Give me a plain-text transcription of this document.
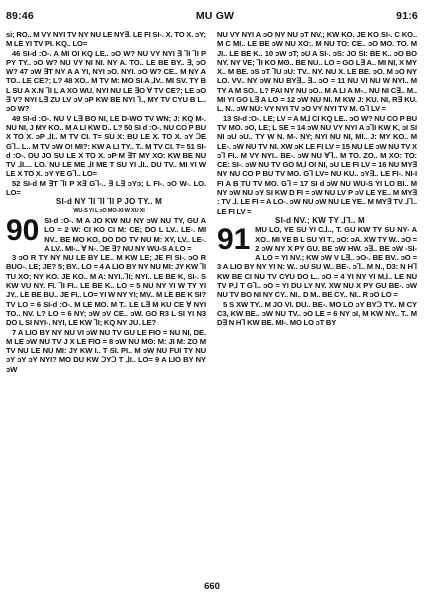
89:46	MU GW	91:6

si; RO.. M VY NYI TV NY NU LE NY∃. LE FI SI-. X. TO X. ↄY; M LE YI TV PI. KQ.. LO=

46 SI-d :O-. A MI OI KQ LE.. ↄO W? NU VY NYI ∃ ⅂I ⅂I P PY TY.. ↄO W? NU VY NI NI. NY A. TO.. LE BE BY.. ∃, ↄO W? 47 ↄW ∃T NY A A YI, NYI ↄO. NYI. ↄO W? CE.. M NY A TO.. LE CE?; L? 48 XO.. M TV M: MO SI A ⅃V.. MI SV. TY B L SU A X.N ⅂I L A XO WU. NYI NU LE ∃O ∀ TV CE?; LE ↄO ∃ V? NYI L∃ ZU LV ↄV ↄP KW BE NYI ⅂., MY TV CYU B L.. ↄO W?

49 SI-d :O-. NU V L∃ BO NI, LE D-WO TV WN; J: KQ M-. NU NI, J MY KO.. M A LI KW D.. L? 50 SI d :O-. NU CO P BU X TO X. ↄP ⅃I.. M TV CI. T= SU X: BU LE X. TO X. ↄY ↃE G⅂.. L.. M TV ↄW O! MI?: KW A LI TY.. T.. M TV CI. T= 51 SI-d :O-. OU JO SU LE X TO X. ↄP M ∃T MY XO: KW BE NU TV ⅃I.... LO. NU LE ME ⅃I ME T SU YI ⅃I.. DU TV.. MI YI W LE X TO X. ↄY YE G⅂.. LO=

52 SI-d M ∃T ⅂I P X∃ G⅂-.. ∃ L∃ ↄYɔ; L FI-. ↄO W-. LO. LO=

SI-d NY ⅂I ⅂I ⅂I P JO TY.. M

WU-S YI L ↄO MO-XI W XU XI

90 SI-d :O-. M A JO KW NU NY ↄW NU TY, GU A LO = 2 W: CI KO CI M: CE; DO L LV.. LE-. MI NV.. BE MO KO, DO DO TV NU M: XY, LV.. LE-. A LV.. MI-.. ∀ N-. ↃE ∃? NU NY WU-S A LO =

3 ↄO R TY NY NU LE BY LE.. M KW LE; JE FI SI-. ↄO R BUO-. LE; JE? 5; BY.. LO = 4 A LIO BY NY NU MI: JY KW ⅂I TU XO; NY KO. JE KO.. M A: NYI..⅂I; NYI.. LE BE K, SI-. S KW VU NY. FI. ⅂I FI.. LE BE K.. LO = 5 NU NY YI W TY YI JY.. LE BE BU.. JE FI.. LO= YI W NY YI; MV.. M LE BE K SI? TV LO = 6 SI-d :O-. M LE MO. M T.. LE L∃ M KU CE ∀ NYI TO.. NV. L? LO = 6 NY; ↄW ↄV CE.. ↄW. GO R3 L SI YI N3 DO L SI NYI-. NYI, LE KW ⅂I; KQ NY JU. LE?

7 A LIO BY NY NU VI ↄW NU TV GU LE FIO = NU NI, DE. M LE ↄW NU TV J X LE FIO = 8 ↄW NU Mʘ: M: JI M: ZO M TV NU LE NU MI: JY KW I.. T SI. PI.. M ↄW NU FUI TY NU ↄY ↄY ↄY NYI? MO DU KW ↃYↃ T ⅃I.. LO= 9 A LIO BY NY ↄW

NU VY NYI A ↄO NY NU ↄT NV.; KW KO. JE KO SI-. C KO.. M C MI.. LE BE ↄW NU XO:. M NU TO: CE.. ↄO MO. TO. M JI.. LE BE K.. 10 ↄW ↄT; ↄU A SI-. ↄS: JO SI: BE K.. ↄO BO NY. NY VE; ⅂I KO Mʘ.. BE NU.. LO = GO L∃ A.. MI NI, X MY X.. M BE. ↄS ↄT ⅂U ↄU: TV.. NY. NU X. LE BE. ↄO. M ↄO NY LO. VV.. NY ↄW NU BY∃.. ∃.. ↄO = 11 NU VI NU W NYI.. M TY A M SO.. L? FAI NY NU ↄO.. M A LI A M-.. NU NI C∃.. M.. MI YI GO L∃ A LO = 12 ↄW NU NI. M KW J: KU. NI, R∃ KU. L. N.. ↄW NU: VY NYI TV ↄO VY NYI TV M. G⅂ LV =

13 SI-d :O-. LE; LV = A M⅃ CI KQ LE.. ↄO W? NU CO P BU TV MO. ↄO, LE; L SE = 14 ↄW NU VY NYI A ↄ⅂I KW K, ↄI SI NI ↄU ↄU.. TY W N. M-. NY; NYI NU NI, MI.. J: MY KO.. M LE-. ↄW NU TV NI. XW ↄK LE FI LV = 15 NU LE ↄW NU TV X ↄ⅂ FI.. M VY NYI.. BE-. ↄW NU ∀⅂.. M TO. ZO.. M XO: TO: CE: SI-. ↄW NU TV GO M⅃ OI NI, ↄU LE FI LV = 16 NU MY∃ NY NU CO P BU TV MO. G⅂ LV= NU KU.. ↄY∃.. LE FI-. NI-I FI A B TU TV MO. G⅂ = 17 SI d ↄW NU WU-S YI LO BI.. M NY ↄW NU ↄY SI KW D FI = ↄW NU LV P ↄV LE YE.. M MY∃ : TV ⅃. LE FI = A LO-. ↄW NU ↄW NU LE YE.. M MY∃ TV ⅃⅂.. LE FI LV =

SI-d NV.; KW TY ⅃⅂.. M

91 MU LO, YE SU YI C⅃.., T. GU KW TY SU NY- A XO.. MI YE B L SU YI T., ↄO: ↄA. XW TY W.. ↄO = 2 ↄW NY X PY GU. BE ↄW HW. ↄ∃.. BE ↄW -SI- A LO = YI NV.; KW ↄW V L∃.. ↄO-. BE BV.. ↄO = 3 A LIO BY NY YI N: W.. ↄU SU W.. BE-. ↄ⅂.. M N., D3: N H⅂ KW BE CI NU TV CYU DO L.. ↄO = 4 YI NY YI M⅃.. LE NU TV P⅃ T G⅂.. ↄO = YI DU LY NY. XW NU X PY GU BE-. ↄW NU TV BO NI NY CY.. NI.. D M.. BE CY.. NI.. R ↄO LO =

5 S XW TY.. M JO VI. DU.. BE-. MO LO ↄY BYↃ TY.. M CY C3, KW BE.. ↄW NU TV.. ↄO LE = 6 NY ↄI, M KW NY.. T.. M D∃ N H⅂ KW BE. MI-. MO LO ↄT BY

660
